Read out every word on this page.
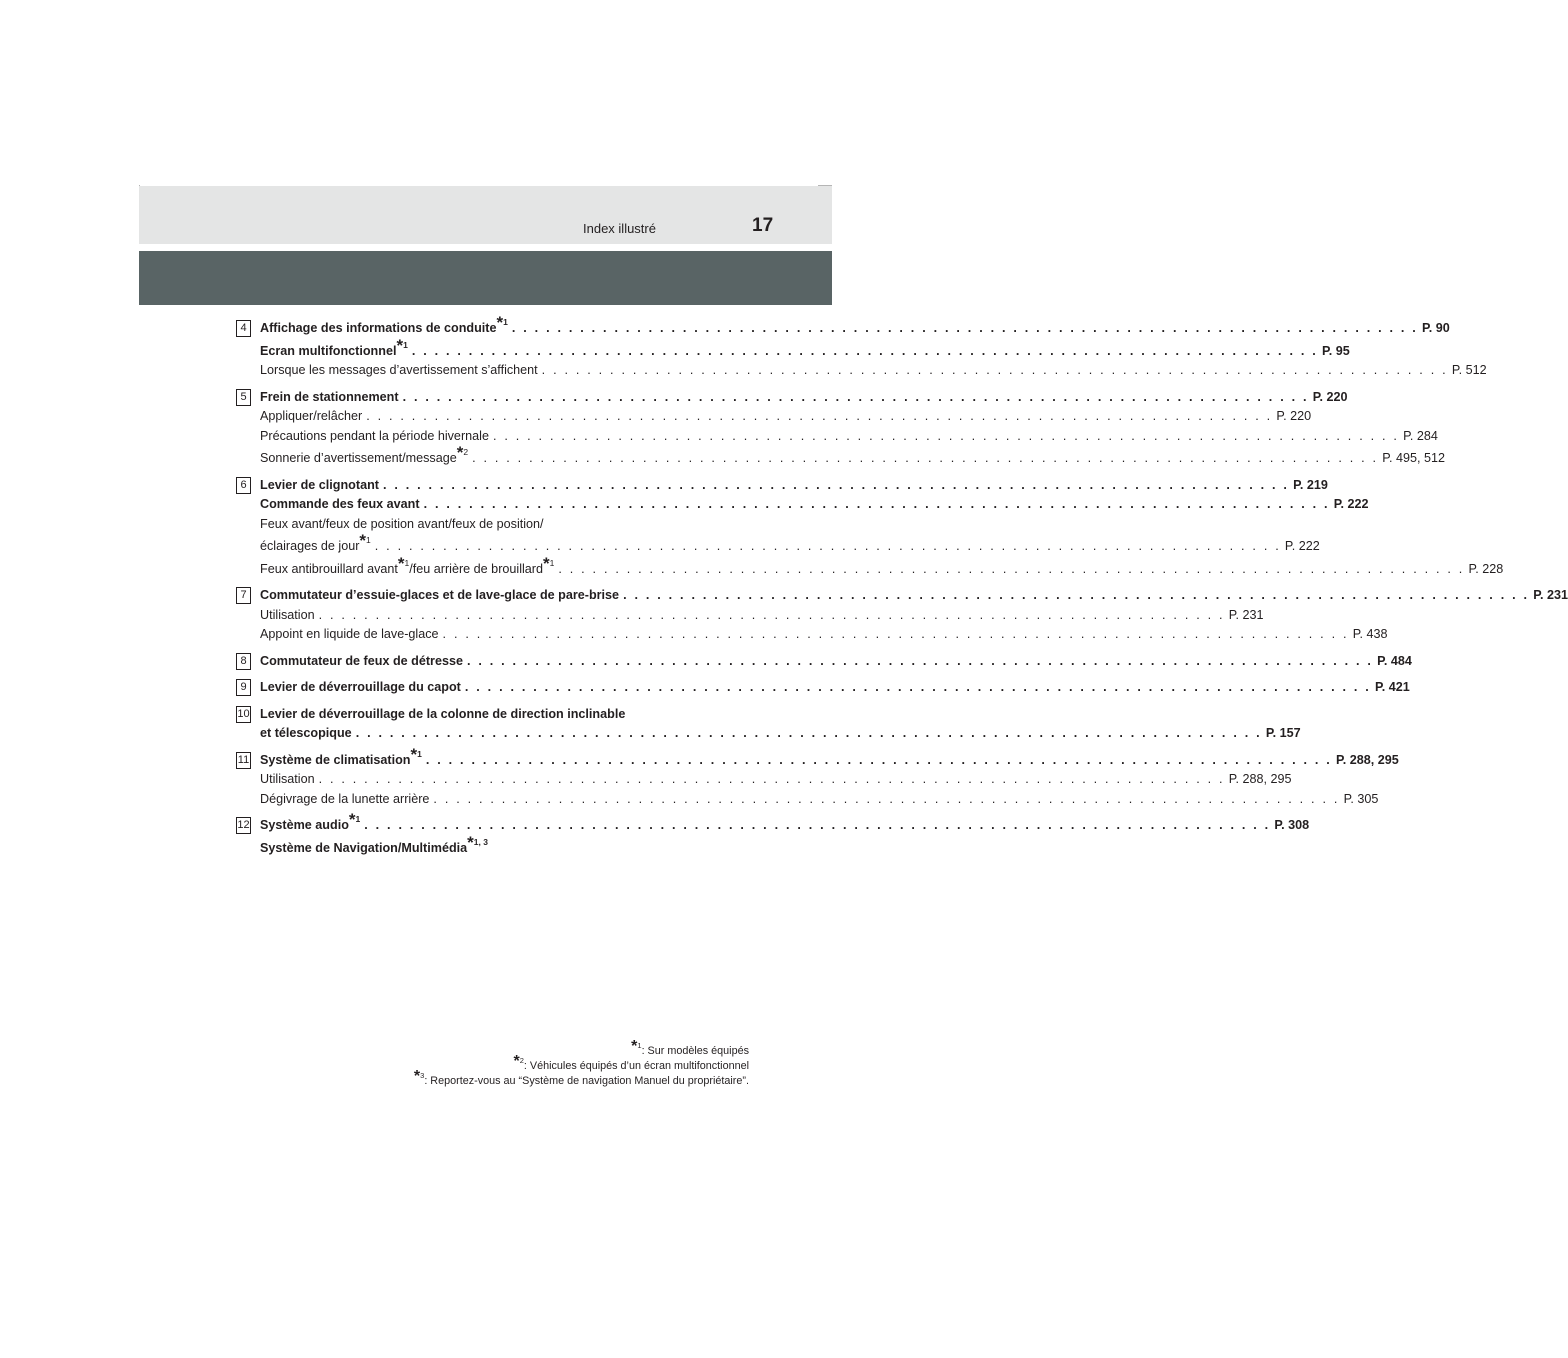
Index illustré	17
4	Affichage des informations de conduite*$^1$ . . . . . . . . . . . . . . . . . . . . . . . . . . . . . . . . . . . . . . . . . . . . . . . . . . . . . . . . . . . . . . . . . . . . . . . . . . . . . . . . P. 90
Ecran multifonctionnel*$^1$ . . . . . . . . . . . . . . . . . . . . . . . . . . . . . . . . . . . . . . . . . . . . . . . . . . . . . . . . . . . . . . . . . . . . . . . . . . . . . . . . P. 95
Lorsque les messages d’avertissement s’affichent . . . . . . . . . . . . . . . . . . . . . . . . . . . . . . . . . . . . . . . . . . . . . . . . . . . . . . . . . . . . . . . . . . . . . . . . . . . . . . . . P. 512
5	Frein de stationnement . . . . . . . . . . . . . . . . . . . . . . . . . . . . . . . . . . . . . . . . . . . . . . . . . . . . . . . . . . . . . . . . . . . . . . . . . . . . . . . . P. 220
Appliquer/relâcher . . . . . . . . . . . . . . . . . . . . . . . . . . . . . . . . . . . . . . . . . . . . . . . . . . . . . . . . . . . . . . . . . . . . . . . . . . . . . . . . P. 220
Précautions pendant la période hivernale . . . . . . . . . . . . . . . . . . . . . . . . . . . . . . . . . . . . . . . . . . . . . . . . . . . . . . . . . . . . . . . . . . . . . . . . . . . . . . . . P. 284
Sonnerie d’avertissement/message*$^2$ . . . . . . . . . . . . . . . . . . . . . . . . . . . . . . . . . . . . . . . . . . . . . . . . . . . . . . . . . . . . . . . . . . . . . . . . . . . . . . . . P. 495, 512
6	Levier de clignotant . . . . . . . . . . . . . . . . . . . . . . . . . . . . . . . . . . . . . . . . . . . . . . . . . . . . . . . . . . . . . . . . . . . . . . . . . . . . . . . . P. 219
Commande des feux avant . . . . . . . . . . . . . . . . . . . . . . . . . . . . . . . . . . . . . . . . . . . . . . . . . . . . . . . . . . . . . . . . . . . . . . . . . . . . . . . . P. 222
Feux avant/feux de position avant/feux de position/
éclairages de jour*$^1$ . . . . . . . . . . . . . . . . . . . . . . . . . . . . . . . . . . . . . . . . . . . . . . . . . . . . . . . . . . . . . . . . . . . . . . . . . . . . . . . . P. 222
Feux antibrouillard avant*$^1$/feu arrière de brouillard*$^1$ . . . . . . . . . . . . . . . . . . . . . . . . . . . . . . . . . . . . . . . . . . . . . . . . . . . . . . . . . . . . . . . . . . . . . . . . . . . . . . . . P. 228
7	Commutateur d’essuie-glaces et de lave-glace de pare-brise . . . . . . . . . . . . . . . . . . . . . . . . . . . . . . . . . . . . . . . . . . . . . . . . . . . . . . . . . . . . . . . . . . . . . . . . . . . . . . . . P. 231
Utilisation . . . . . . . . . . . . . . . . . . . . . . . . . . . . . . . . . . . . . . . . . . . . . . . . . . . . . . . . . . . . . . . . . . . . . . . . . . . . . . . . P. 231
Appoint en liquide de lave-glace . . . . . . . . . . . . . . . . . . . . . . . . . . . . . . . . . . . . . . . . . . . . . . . . . . . . . . . . . . . . . . . . . . . . . . . . . . . . . . . . P. 438
8	Commutateur de feux de détresse . . . . . . . . . . . . . . . . . . . . . . . . . . . . . . . . . . . . . . . . . . . . . . . . . . . . . . . . . . . . . . . . . . . . . . . . . . . . . . . . P. 484
9	Levier de déverrouillage du capot . . . . . . . . . . . . . . . . . . . . . . . . . . . . . . . . . . . . . . . . . . . . . . . . . . . . . . . . . . . . . . . . . . . . . . . . . . . . . . . . P. 421
10 Levier de déverrouillage de la colonne de direction inclinable
et télescopique . . . . . . . . . . . . . . . . . . . . . . . . . . . . . . . . . . . . . . . . . . . . . . . . . . . . . . . . . . . . . . . . . . . . . . . . . . . . . . . . P. 157
11 Système de climatisation*$^1$ . . . . . . . . . . . . . . . . . . . . . . . . . . . . . . . . . . . . . . . . . . . . . . . . . . . . . . . . . . . . . . . . . . . . . . . . . . . . . . . . P. 288, 295
Utilisation . . . . . . . . . . . . . . . . . . . . . . . . . . . . . . . . . . . . . . . . . . . . . . . . . . . . . . . . . . . . . . . . . . . . . . . . . . . . . . . . P. 288, 295
Dégivrage de la lunette arrière . . . . . . . . . . . . . . . . . . . . . . . . . . . . . . . . . . . . . . . . . . . . . . . . . . . . . . . . . . . . . . . . . . . . . . . . . . . . . . . . P. 305
12 Système audio*$^1$ . . . . . . . . . . . . . . . . . . . . . . . . . . . . . . . . . . . . . . . . . . . . . . . . . . . . . . . . . . . . . . . . . . . . . . . . . . . . . . . . P. 308
Système de Navigation/Multimédia*$^{1, 3}$
*$^1$: Sur modèles équipés
*$^2$: Véhicules équipés d’un écran multifonctionnel
*$^3$: Reportez-vous au “Système de navigation Manuel du propriétaire”.
